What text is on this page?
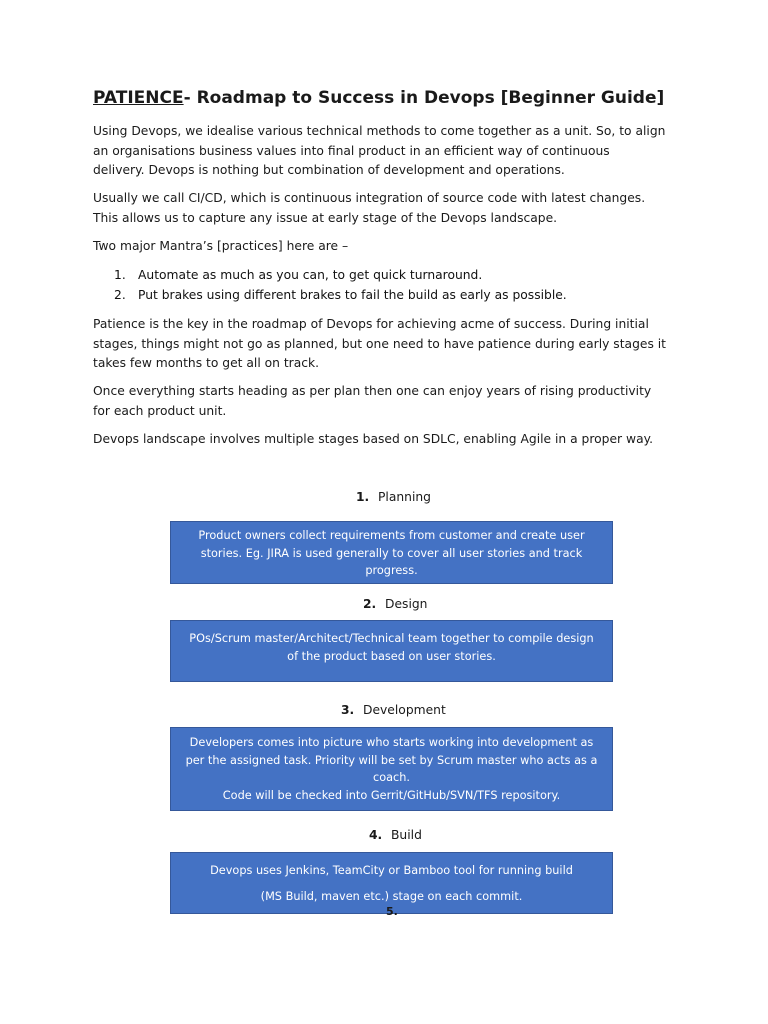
PATIENCE- Roadmap to Success in Devops [Beginner Guide]

Using Devops, we idealise various technical methods to come together as a unit. So, to align
an organisations business values into final product in an efficient way of continuous
delivery. Devops is nothing but combination of development and operations.

Usually we call CI/CD, which is continuous integration of source code with latest changes.
This allows us to capture any issue at early stage of the Devops landscape.

Two major Mantra’s [practices] here are –

1. Automate as much as you can, to get quick turnaround.
2. Put brakes using different brakes to fail the build as early as possible.

Patience is the key in the roadmap of Devops for achieving acme of success. During initial
stages, things might not go as planned, but one need to have patience during early stages it
takes few months to get all on track.

Once everything starts heading as per plan then one can enjoy years of rising productivity
for each product unit.

Devops landscape involves multiple stages based on SDLC, enabling Agile in a proper way.

1. Planning
Product owners collect requirements from customer and create user
stories. Eg. JIRA is used generally to cover all user stories and track
progress.
2. Design
POs/Scrum master/Architect/Technical team together to compile design
of the product based on user stories.
3. Development
Developers comes into picture who starts working into development as
per the assigned task. Priority will be set by Scrum master who acts as a
coach.
Code will be checked into Gerrit/GitHub/SVN/TFS repository.
4. Build
Devops uses Jenkins, TeamCity or Bamboo tool for running build
(MS Build, maven etc.) stage on each commit.
5.
